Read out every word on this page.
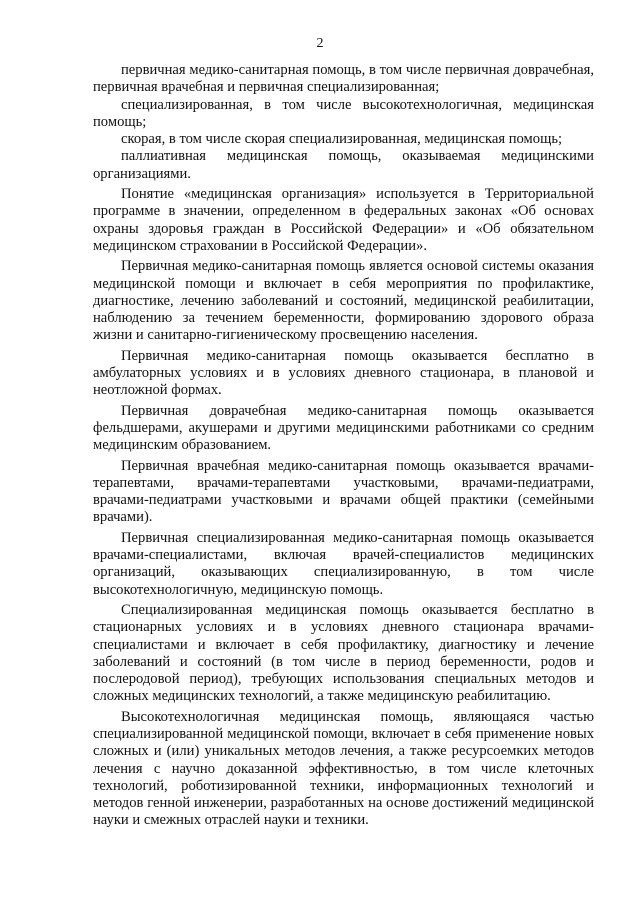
2

первичная медико-санитарная помощь, в том числе первичная доврачебная, первичная врачебная и первичная специализированная;

специализированная, в том числе высокотехнологичная, медицинская помощь;

скорая, в том числе скорая специализированная, медицинская помощь;

паллиативная медицинская помощь, оказываемая медицинскими организациями.

Понятие «медицинская организация» используется в Территориальной программе в значении, определенном в федеральных законах «Об основах охраны здоровья граждан в Российской Федерации» и «Об обязательном медицинском страховании в Российской Федерации».

Первичная медико-санитарная помощь является основой системы оказания медицинской помощи и включает в себя мероприятия по профилактике, диагностике, лечению заболеваний и состояний, медицинской реабилитации, наблюдению за течением беременности, формированию здорового образа жизни и санитарно-гигиеническому просвещению населения.

Первичная медико-санитарная помощь оказывается бесплатно в амбулаторных условиях и в условиях дневного стационара, в плановой и неотложной формах.

Первичная доврачебная медико-санитарная помощь оказывается фельдшерами, акушерами и другими медицинскими работниками со средним медицинским образованием.

Первичная врачебная медико-санитарная помощь оказывается врачами-терапевтами, врачами-терапевтами участковыми, врачами-педиатрами, врачами-педиатрами участковыми и врачами общей практики (семейными врачами).

Первичная специализированная медико-санитарная помощь оказывается врачами-специалистами, включая врачей-специалистов медицинских организаций, оказывающих специализированную, в том числе высокотехнологичную, медицинскую помощь.

Специализированная медицинская помощь оказывается бесплатно в стационарных условиях и в условиях дневного стационара врачами-специалистами и включает в себя профилактику, диагностику и лечение заболеваний и состояний (в том числе в период беременности, родов и послеродовой период), требующих использования специальных методов и сложных медицинских технологий, а также медицинскую реабилитацию.

Высокотехнологичная медицинская помощь, являющаяся частью специализированной медицинской помощи, включает в себя применение новых сложных и (или) уникальных методов лечения, а также ресурсоемких методов лечения с научно доказанной эффективностью, в том числе клеточных технологий, роботизированной техники, информационных технологий и методов генной инженерии, разработанных на основе достижений медицинской науки и смежных отраслей науки и техники.
